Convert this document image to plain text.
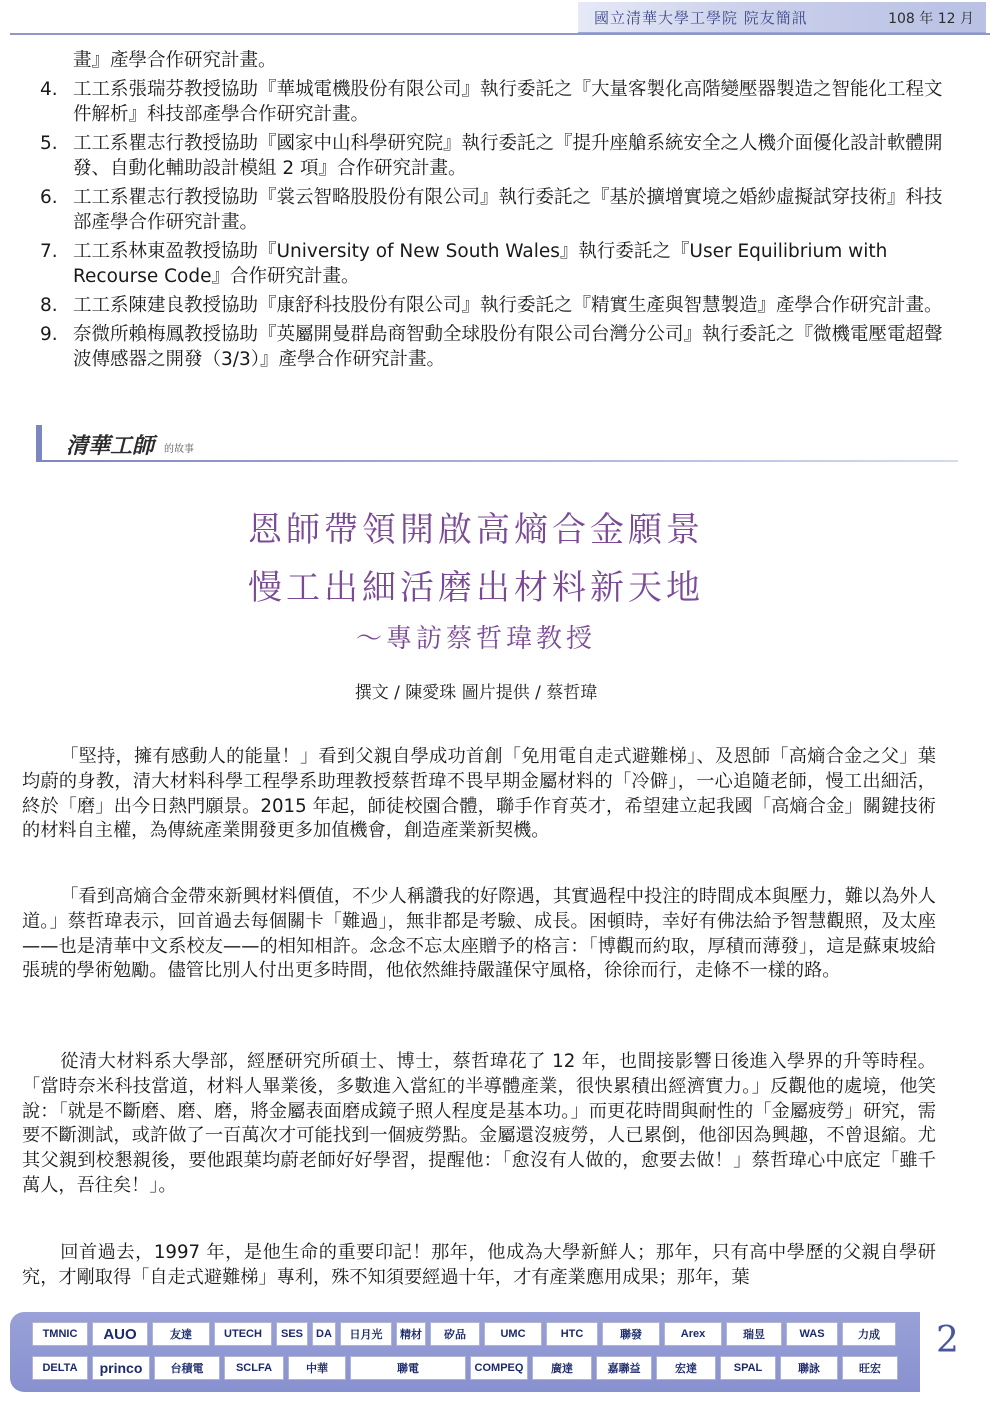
國立清華大學工學院 院友簡訊	108 年 12 月
畫』產學合作研究計畫。
4. 工工系張瑞芬教授協助『華城電機股份有限公司』執行委託之『大量客製化高階變壓器製造之智能化工程文件解析』科技部產學合作研究計畫。
5. 工工系瞿志行教授協助『國家中山科學研究院』執行委託之『提升座艙系統安全之人機介面優化設計軟體開發、自動化輔助設計模組 2 項』合作研究計畫。
6. 工工系瞿志行教授協助『裳云智略股股份有限公司』執行委託之『基於擴增實境之婚紗虛擬試穿技術』科技部產學合作研究計畫。
7. 工工系林東盈教授協助『University of New South Wales』執行委託之『User Equilibrium with Recourse Code』合作研究計畫。
8. 工工系陳建良教授協助『康舒科技股份有限公司』執行委託之『精實生產與智慧製造』產學合作研究計畫。
9. 奈微所賴梅鳳教授協助『英屬開曼群島商智動全球股份有限公司台灣分公司』執行委託之『微機電壓電超聲波傳感器之開發（3/3）』產學合作研究計畫。
清華工師 的故事
恩師帶領開啟高熵合金願景
慢工出細活磨出材料新天地
～專訪蔡哲瑋教授
撰文 / 陳愛珠 圖片提供 / 蔡哲瑋
「堅持，擁有感動人的能量！」看到父親自學成功首創「免用電自走式避難梯」、及恩師「高熵合金之父」葉均蔚的身教，清大材料科學工程學系助理教授蔡哲瑋不畏早期金屬材料的「冷僻」，一心追隨老師，慢工出細活，終於「磨」出今日熱門願景。2015 年起，師徒校園合體，聯手作育英才，希望建立起我國「高熵合金」關鍵技術的材料自主權，為傳統產業開發更多加值機會，創造產業新契機。
「看到高熵合金帶來新興材料價值，不少人稱讚我的好際遇，其實過程中投注的時間成本與壓力，難以為外人道。」蔡哲瑋表示，回首過去每個關卡「難過」，無非都是考驗、成長。困頓時，幸好有佛法給予智慧觀照，及太座——也是清華中文系校友——的相知相許。念念不忘太座贈予的格言：「博觀而約取，厚積而薄發」，這是蘇東坡給張琥的學術勉勵。儘管比別人付出更多時間，他依然維持嚴謹保守風格，徐徐而行，走條不一樣的路。
從清大材料系大學部，經歷研究所碩士、博士，蔡哲瑋花了 12 年，也間接影響日後進入學界的升等時程。「當時奈米科技當道，材料人畢業後，多數進入當紅的半導體產業，很快累積出經濟實力。」反觀他的處境，他笑說：「就是不斷磨、磨、磨，將金屬表面磨成鏡子照人程度是基本功。」而更花時間與耐性的「金屬疲勞」研究，需要不斷測試，或許做了一百萬次才可能找到一個疲勞點。金屬還沒疲勞，人已累倒，他卻因為興趣，不曾退縮。尤其父親到校懇親後，要他跟葉均蔚老師好好學習，提醒他：「愈沒有人做的，愈要去做！」蔡哲瑋心中底定「雖千萬人，吾往矣！」。
回首過去，1997 年，是他生命的重要印記！那年，他成為大學新鮮人；那年，只有高中學歷的父親自學研究，才剛取得「自走式避難梯」專利，殊不知須要經過十年，才有產業應用成果；那年，葉
TMNIC	AUO	友達	UTECH	SES	DA	日月光	精材	矽品	UMC	HTC	聯發	Arex	瑞昱	WAS	力成
DELTA	princo	台積電	SCLFA	中華	聯電	COMPEQ	廣達	嘉聯益	宏達	SPAL	聯詠	旺宏
2
